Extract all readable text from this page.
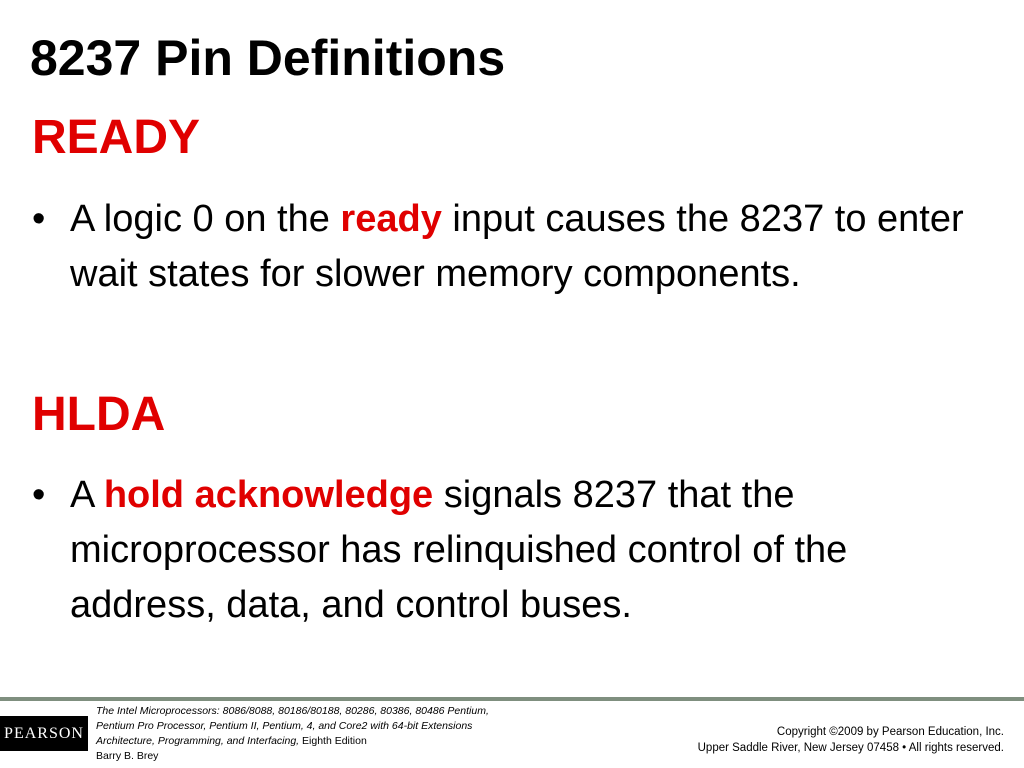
8237 Pin Definitions
READY
• A logic 0 on the ready input causes the 8237 to enter wait states for slower memory components.
HLDA
• A hold acknowledge signals 8237 that the microprocessor has relinquished control of the address, data, and control buses.
PEARSON
The Intel Microprocessors: 8086/8088, 80186/80188, 80286, 80386, 80486 Pentium,
Pentium Pro Processor, Pentium II, Pentium, 4, and Core2 with 64-bit Extensions
Architecture, Programming, and Interfacing, Eighth Edition
Barry B. Brey
Copyright ©2009 by Pearson Education, Inc.
Upper Saddle River, New Jersey 07458 • All rights reserved.
